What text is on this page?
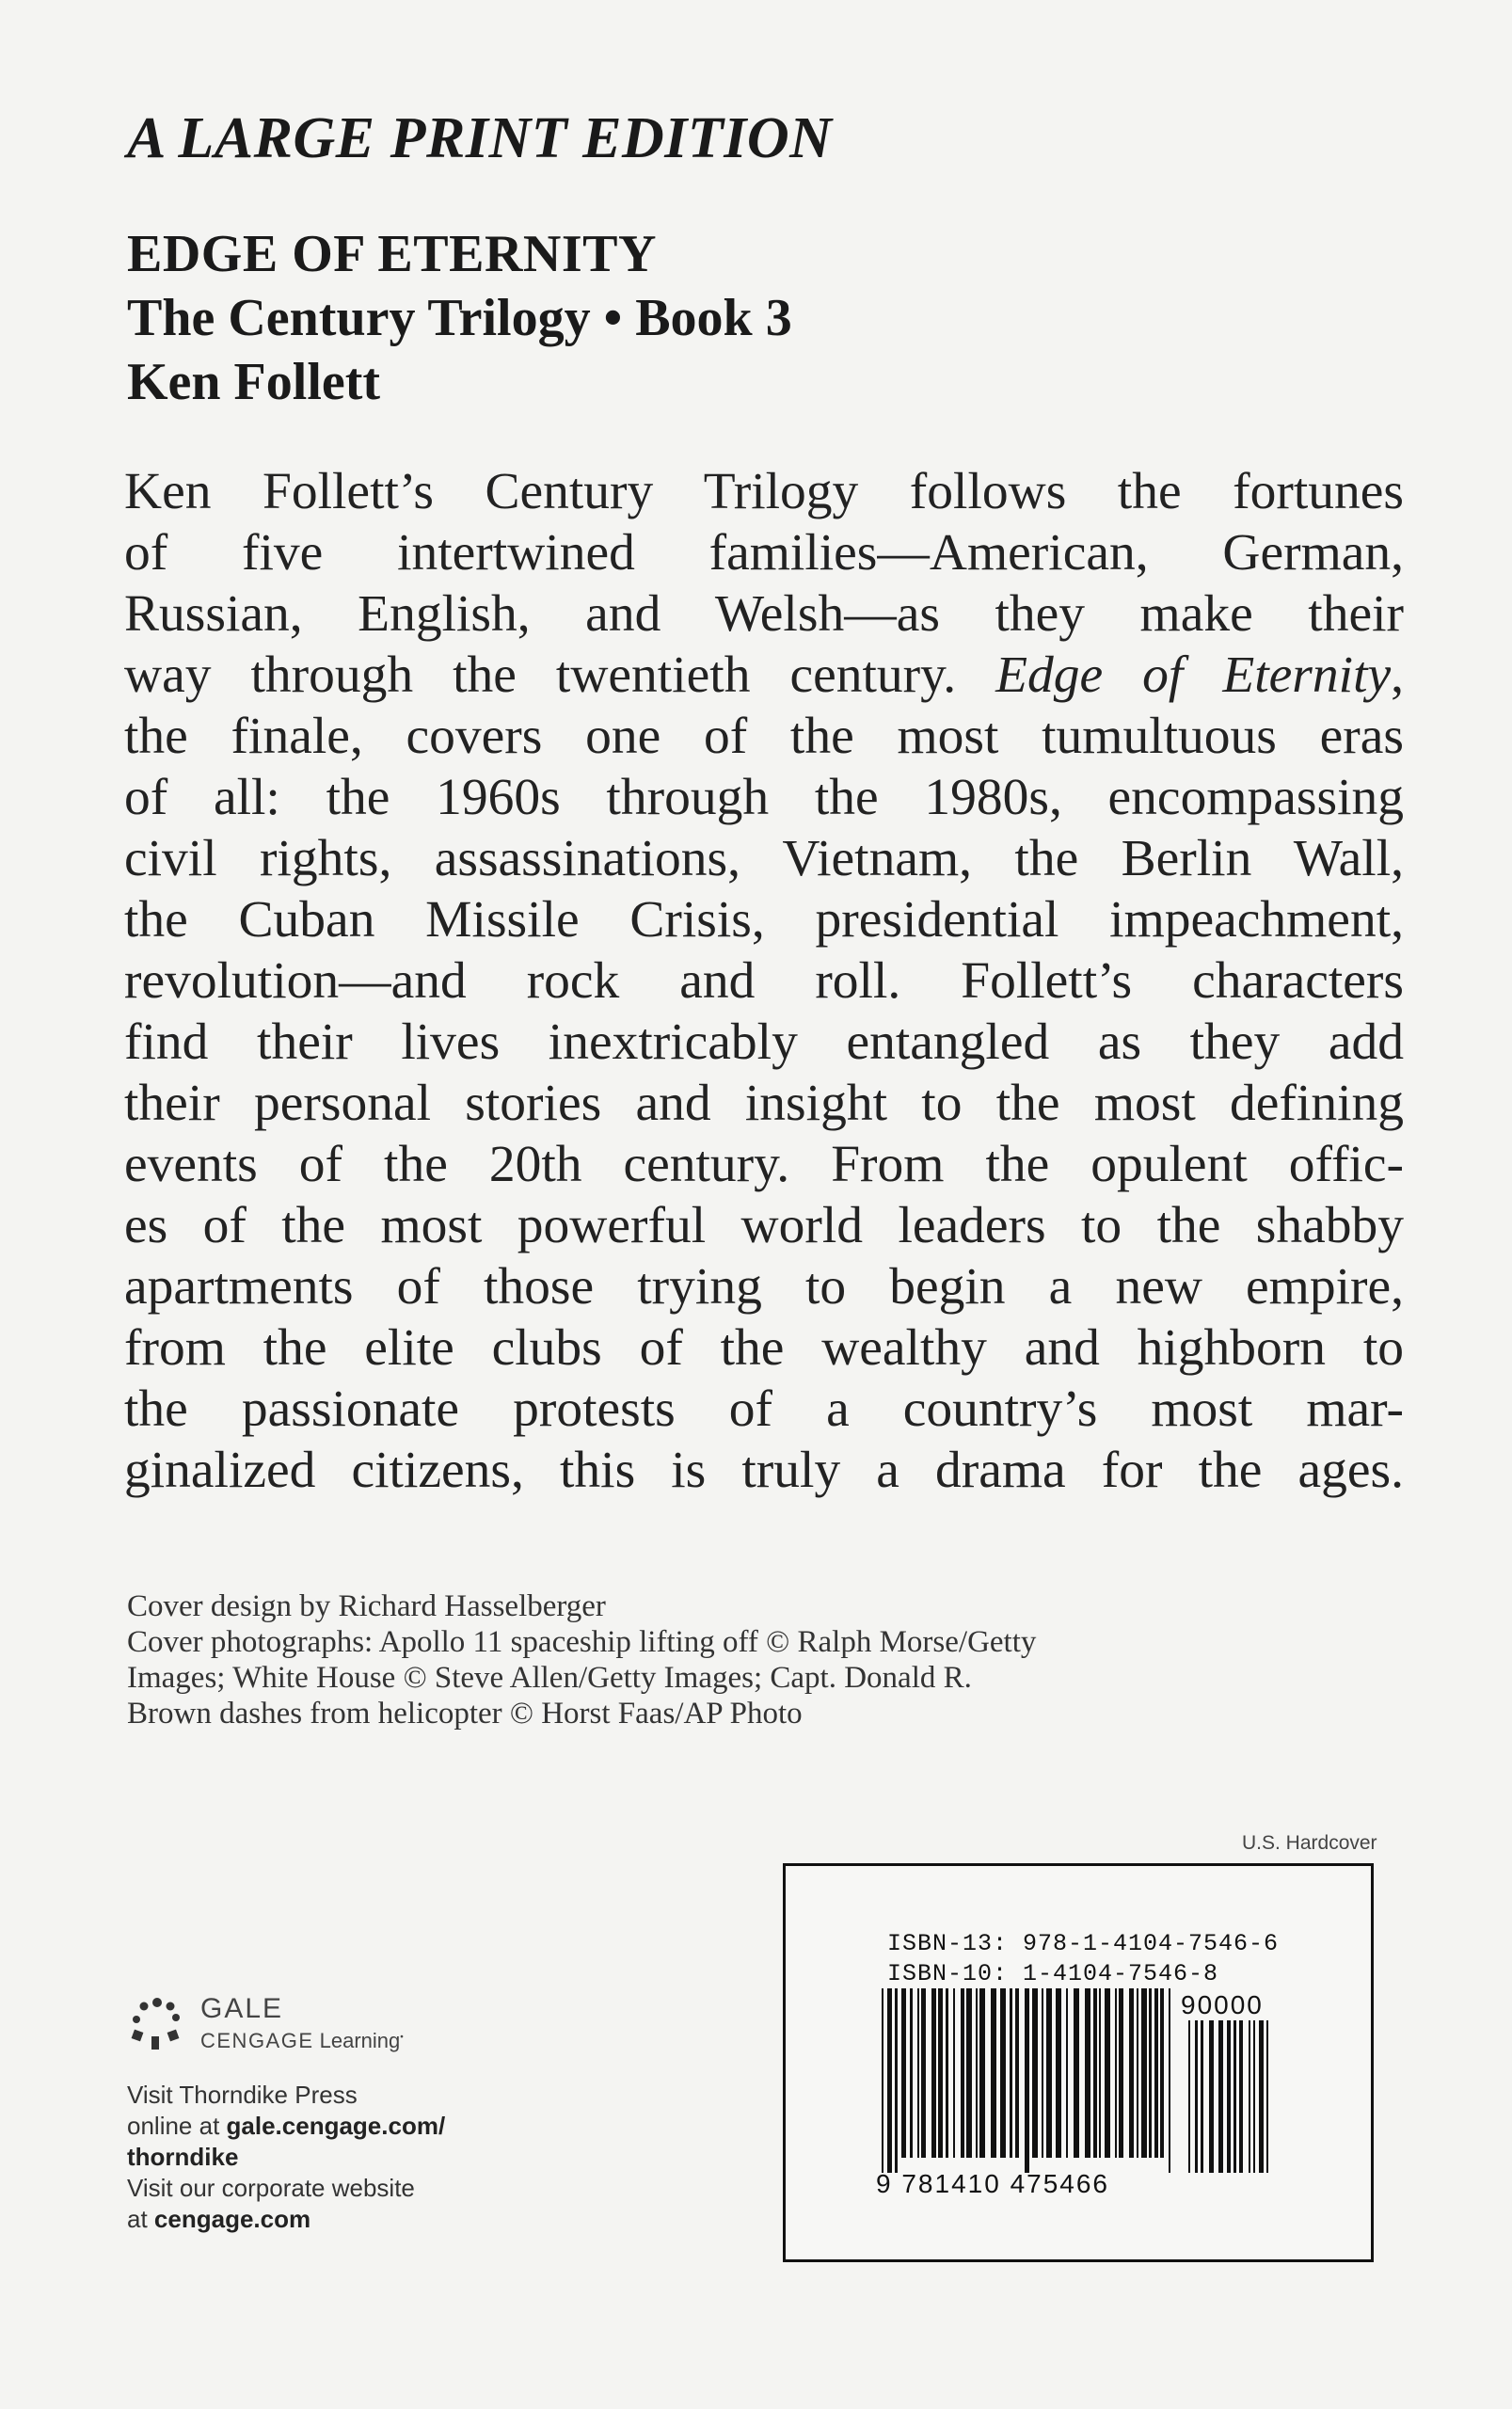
A LARGE PRINT EDITION
EDGE OF ETERNITY
The Century Trilogy • Book 3
Ken Follett
Ken Follett’s Century Trilogy follows the fortunes
of five intertwined families—American, German,
Russian, English, and Welsh—as they make their
way through the twentieth century. Edge of Eternity,
the finale, covers one of the most tumultuous eras
of all: the 1960s through the 1980s, encompassing
civil rights, assassinations, Vietnam, the Berlin Wall,
the Cuban Missile Crisis, presidential impeachment,
revolution—and rock and roll. Follett’s characters
find their lives inextricably entangled as they add
their personal stories and insight to the most defining
events of the 20th century. From the opulent offic-
es of the most powerful world leaders to the shabby
apartments of those trying to begin a new empire,
from the elite clubs of the wealthy and highborn to
the passionate protests of a country’s most mar-
ginalized citizens, this is truly a drama for the ages.
Cover design by Richard Hasselberger
Cover photographs: Apollo 11 spaceship lifting off © Ralph Morse/Getty
Images; White House © Steve Allen/Getty Images; Capt. Donald R.
Brown dashes from helicopter © Horst Faas/AP Photo
U.S. Hardcover
ISBN-13: 978-1-4104-7546-6
ISBN-10: 1-4104-7546-8
90000
9 781410 475466
GALE
CENGAGE Learning•
Visit Thorndike Press
online at gale.cengage.com/
thorndike
Visit our corporate website
at cengage.com
